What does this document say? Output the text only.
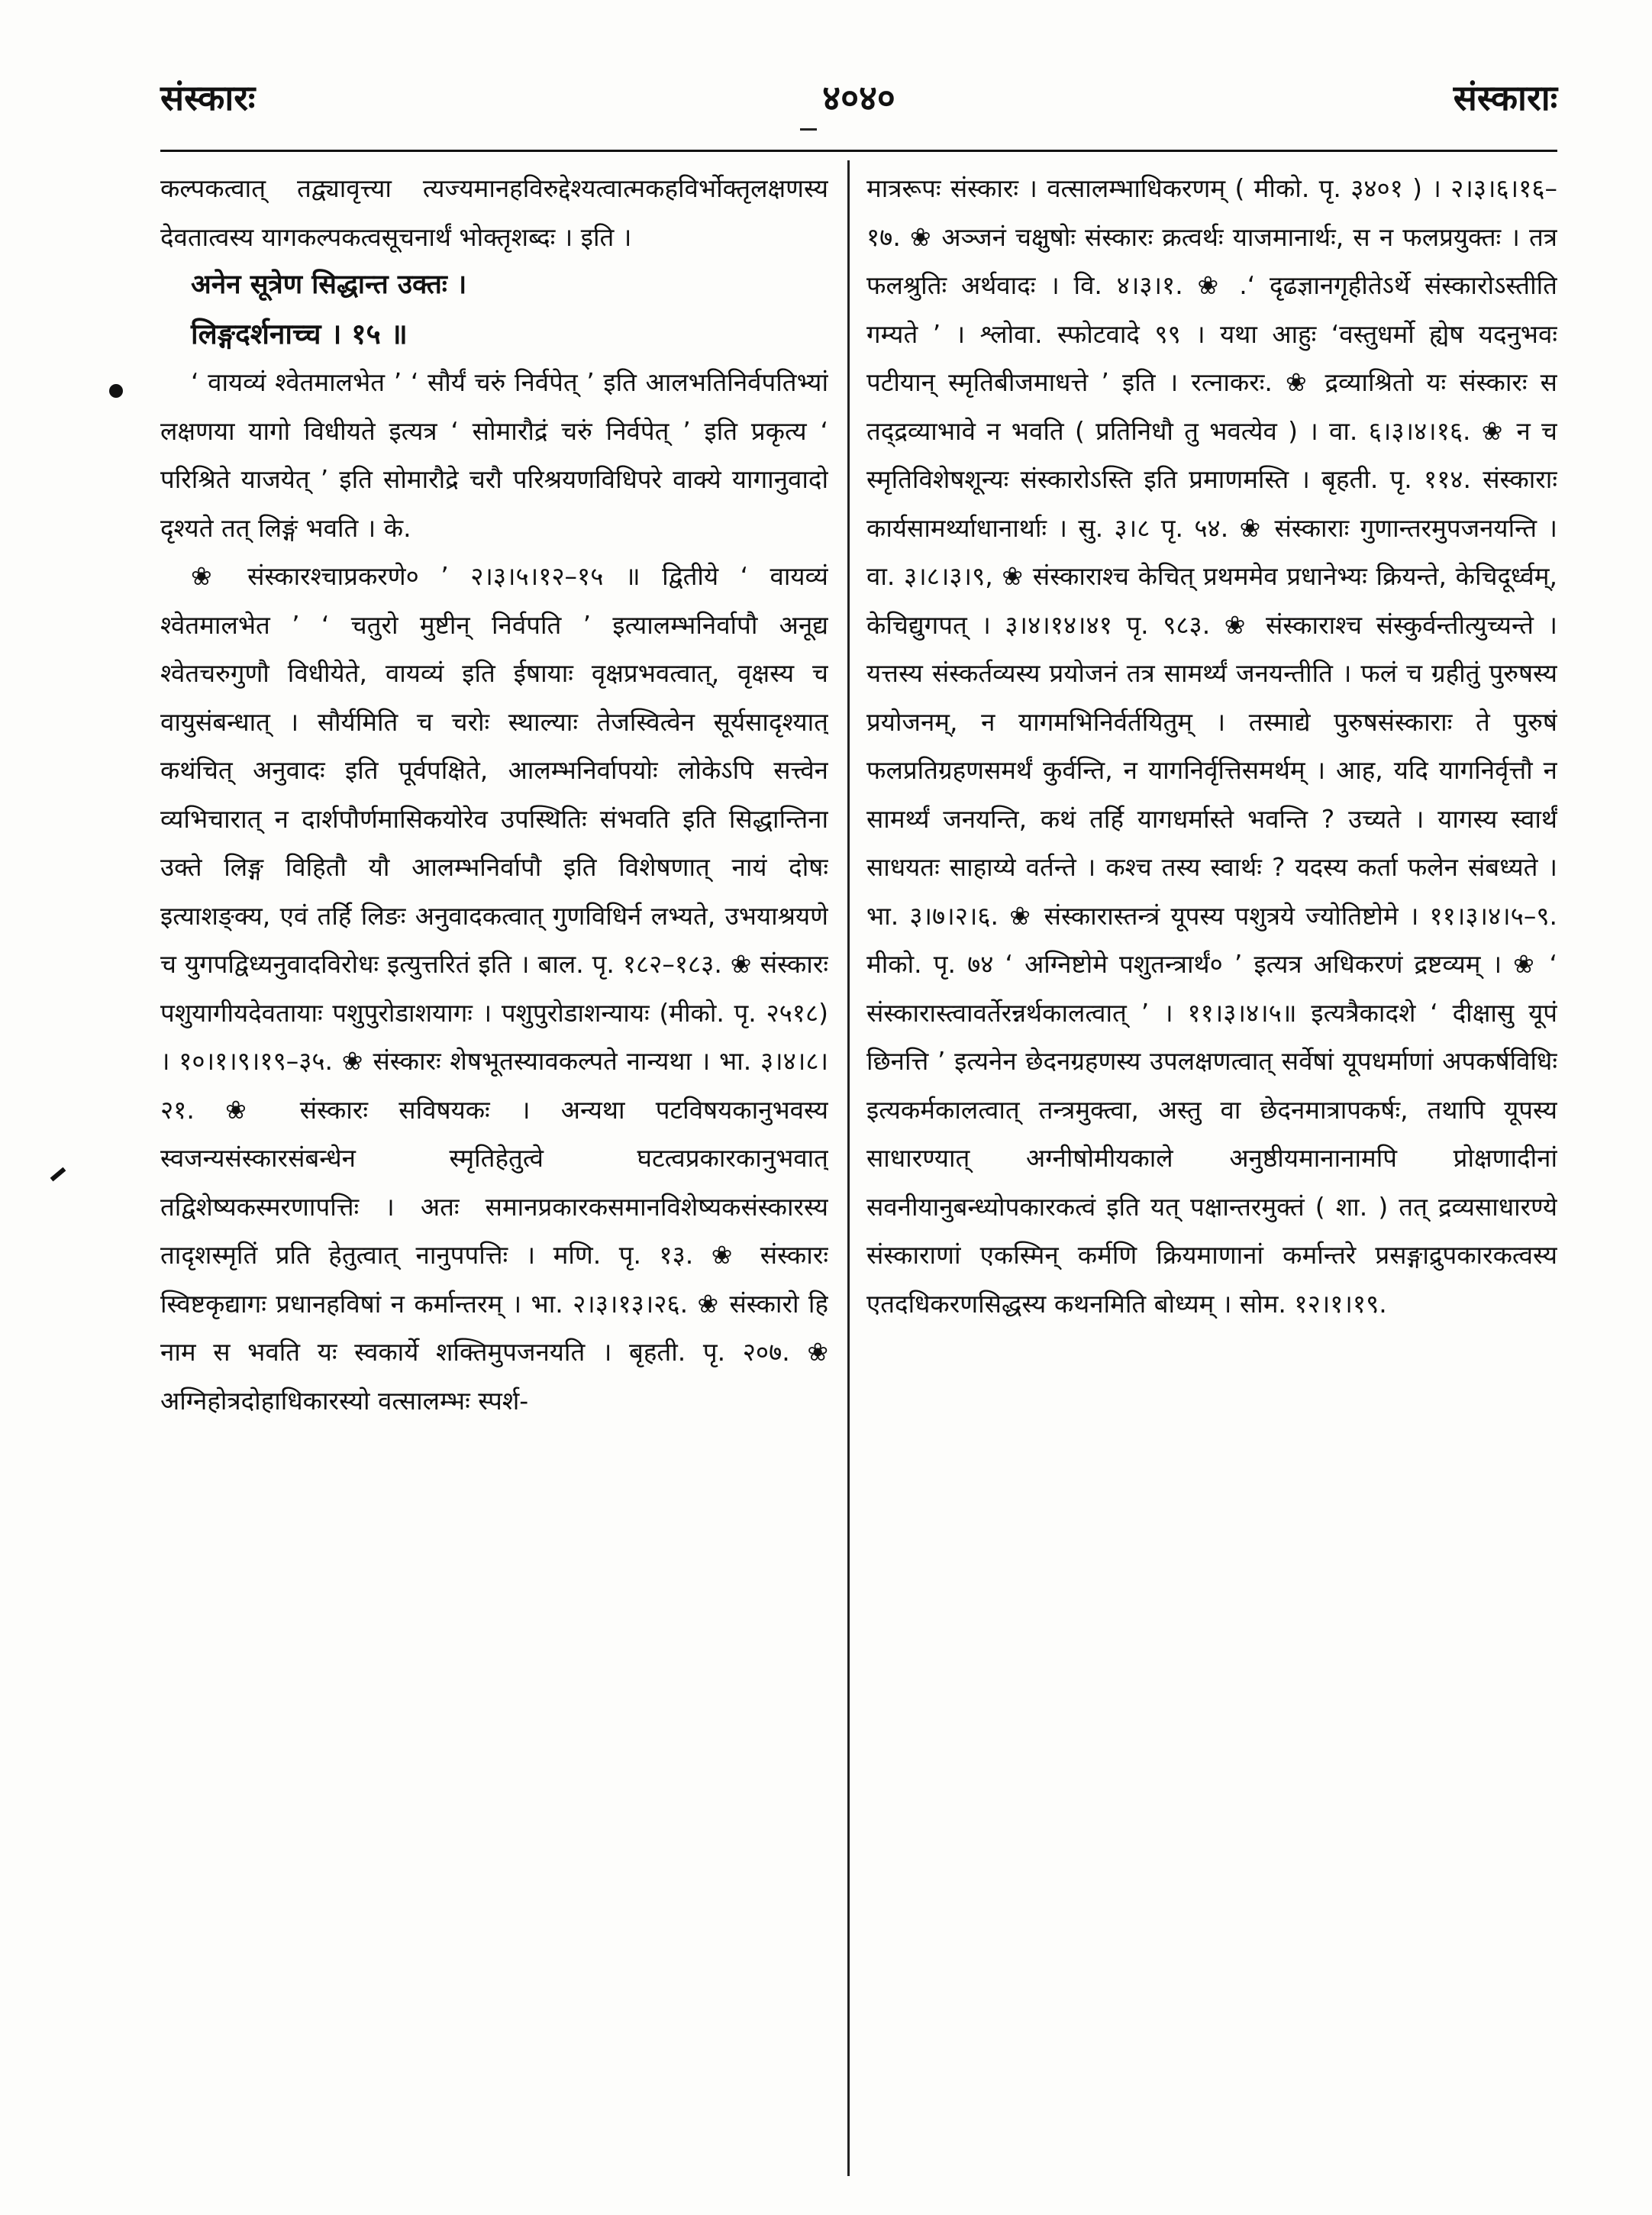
संस्कारः	४०४०	संस्काराः

कल्पकत्वात् तद्व्यावृत्त्या त्यज्यमानहविरुद्देश्यत्वात्मकहविर्भोक्तृलक्षणस्य देवतात्वस्य यागकल्पकत्वसूचनार्थं भोक्तृशब्दः । इति ।

अनेन सूत्रेण सिद्धान्त उक्तः ।

लिङ्गदर्शनाच्च । १५ ॥

‘ वायव्यं श्वेतमालभेत ’ ‘ सौर्यं चरुं निर्वपेत् ’ इति आलभतिनिर्वपतिभ्यां लक्षणया यागो विधीयते इत्यत्र ‘ सोमारौद्रं चरुं निर्वपेत् ’ इति प्रकृत्य ‘ परिश्रिते याजयेत् ’ इति सोमारौद्रे चरौ परिश्रयणविधिपरे वाक्ये यागानुवादो दृश्यते तत् लिङ्गं भवति । के.

❀ संस्कारश्चाप्रकरणे० ’ २।३।५।१२–१५ ॥ द्वितीये ‘ वायव्यं श्वेतमालभेत ’ ‘ चतुरो मुष्टीन् निर्वपति ’ इत्यालम्भनिर्वापौ अनूद्य श्वेतचरुगुणौ विधीयेते, वायव्यं इति ईषायाः वृक्षप्रभवत्वात्, वृक्षस्य च वायुसंबन्धात् । सौर्यमिति च चरोः स्थाल्याः तेजस्वित्वेन सूर्यसादृश्यात् कथंचित् अनुवादः इति पूर्वपक्षिते, आलम्भनिर्वापयोः लोकेऽपि सत्त्वेन व्यभिचारात् न दार्शपौर्णमासिकयोरेव उपस्थितिः संभवति इति सिद्धान्तिना उक्ते लिङ्ग विहितौ यौ आलम्भनिर्वापौ इति विशेषणात् नायं दोषः इत्याशङ्क्य, एवं तर्हि लिङः अनुवादकत्वात् गुणविधिर्न लभ्यते, उभयाश्रयणे च युगपद्विध्यनुवादविरोधः इत्युत्तरितं इति । बाल. पृ. १८२–१८३. ❀ संस्कारः पशुयागीयदेवतायाः पशुपुरोडाशयागः । पशुपुरोडाशन्यायः (मीको. पृ. २५१८) । १०।१।९।१९–३५. ❀ संस्कारः शेषभूतस्यावकल्पते नान्यथा । भा. ३।४।८।२१. ❀ संस्कारः सविषयकः । अन्यथा पटविषयकानुभवस्य स्वजन्यसंस्कारसंबन्धेन स्मृतिहेतुत्वे घटत्वप्रकारकानुभवात् तद्विशेष्यकस्मरणापत्तिः । अतः समानप्रकारकसमानविशेष्यकसंस्कारस्य तादृशस्मृतिं प्रति हेतुत्वात् नानुपपत्तिः । मणि. पृ. १३. ❀ संस्कारः स्विष्टकृद्यागः प्रधानहविषां न कर्मान्तरम् । भा. २।३।१३।२६. ❀ संस्कारो हि नाम स भवति यः स्वकार्ये शक्तिमुपजनयति । बृहती. पृ. २०७. ❀ अग्निहोत्रदोहाधिकारस्यो वत्सालम्भः स्पर्श-

मात्ररूपः संस्कारः । वत्सालम्भाधिकरणम् ( मीको. पृ. ३४०१ ) । २।३।६।१६–१७. ❀ अञ्जनं चक्षुषोः संस्कारः क्रत्वर्थः याजमानार्थः, स न फलप्रयुक्तः । तत्र फलश्रुतिः अर्थवादः । वि. ४।३।१. ❀ .‘ दृढज्ञानगृहीतेऽर्थे संस्कारोऽस्तीति गम्यते ’ । श्लोवा. स्फोटवादे ९९ । यथा आहुः ‘वस्तुधर्मो ह्येष यदनुभवः पटीयान् स्मृतिबीजमाधत्ते ’ इति । रत्नाकरः. ❀ द्रव्याश्रितो यः संस्कारः स तद्द्रव्याभावे न भवति ( प्रतिनिधौ तु भवत्येव ) । वा. ६।३।४।१६. ❀ न च स्मृतिविशेषशून्यः संस्कारोऽस्ति इति प्रमाणमस्ति । बृहती. पृ. ११४. संस्काराः कार्यसामर्थ्याधानार्थाः । सु. ३।८ पृ. ५४. ❀ संस्काराः गुणान्तरमुपजनयन्ति । वा. ३।८।३।९, ❀ संस्काराश्च केचित् प्रथममेव प्रधानेभ्यः क्रियन्ते, केचिदूर्ध्वम्, केचिद्युगपत् । ३।४।१४।४१ पृ. ९८३. ❀ संस्काराश्च संस्कुर्वन्तीत्युच्यन्ते । यत्तस्य संस्कर्तव्यस्य प्रयोजनं तत्र सामर्थ्यं जनयन्तीति । फलं च ग्रहीतुं पुरुषस्य प्रयोजनम्, न यागमभिनिर्वर्तयितुम् । तस्माद्ये पुरुषसंस्काराः ते पुरुषं फलप्रतिग्रहणसमर्थं कुर्वन्ति, न यागनिर्वृत्तिसमर्थम् । आह, यदि यागनिर्वृत्तौ न सामर्थ्यं जनयन्ति, कथं तर्हि यागधर्मास्ते भवन्ति ? उच्यते । यागस्य स्वार्थं साधयतः साहाय्ये वर्तन्ते । कश्च तस्य स्वार्थः ? यदस्य कर्ता फलेन संबध्यते । भा. ३।७।२।६. ❀ संस्कारास्तन्त्रं यूपस्य पशुत्रये ज्योतिष्टोमे । ११।३।४।५–९. मीको. पृ. ७४ ‘ अग्निष्टोमे पशुतन्त्रार्थं० ’ इत्यत्र अधिकरणं द्रष्टव्यम् । ❀ ‘ संस्कारास्त्वावर्तेरन्नर्थकालत्वात् ’ । ११।३।४।५॥ इत्यत्रैकादशे ‘ दीक्षासु यूपं छिनत्ति ’ इत्यनेन छेदनग्रहणस्य उपलक्षणत्वात् सर्वेषां यूपधर्माणां अपकर्षविधिः इत्यकर्मकालत्वात् तन्त्रमुक्त्वा, अस्तु वा छेदनमात्रापकर्षः, तथापि यूपस्य साधारण्यात् अग्नीषोमीयकाले अनुष्ठीयमानानामपि प्रोक्षणादीनां सवनीयानुबन्ध्योपकारकत्वं इति यत् पक्षान्तरमुक्तं ( शा. ) तत् द्रव्यसाधारण्ये संस्काराणां एकस्मिन् कर्मणि क्रियमाणानां कर्मान्तरे प्रसङ्गाद्रुपकारकत्वस्य एतदधिकरणसिद्धस्य कथनमिति बोध्यम् । सोम. १२।१।१९.
